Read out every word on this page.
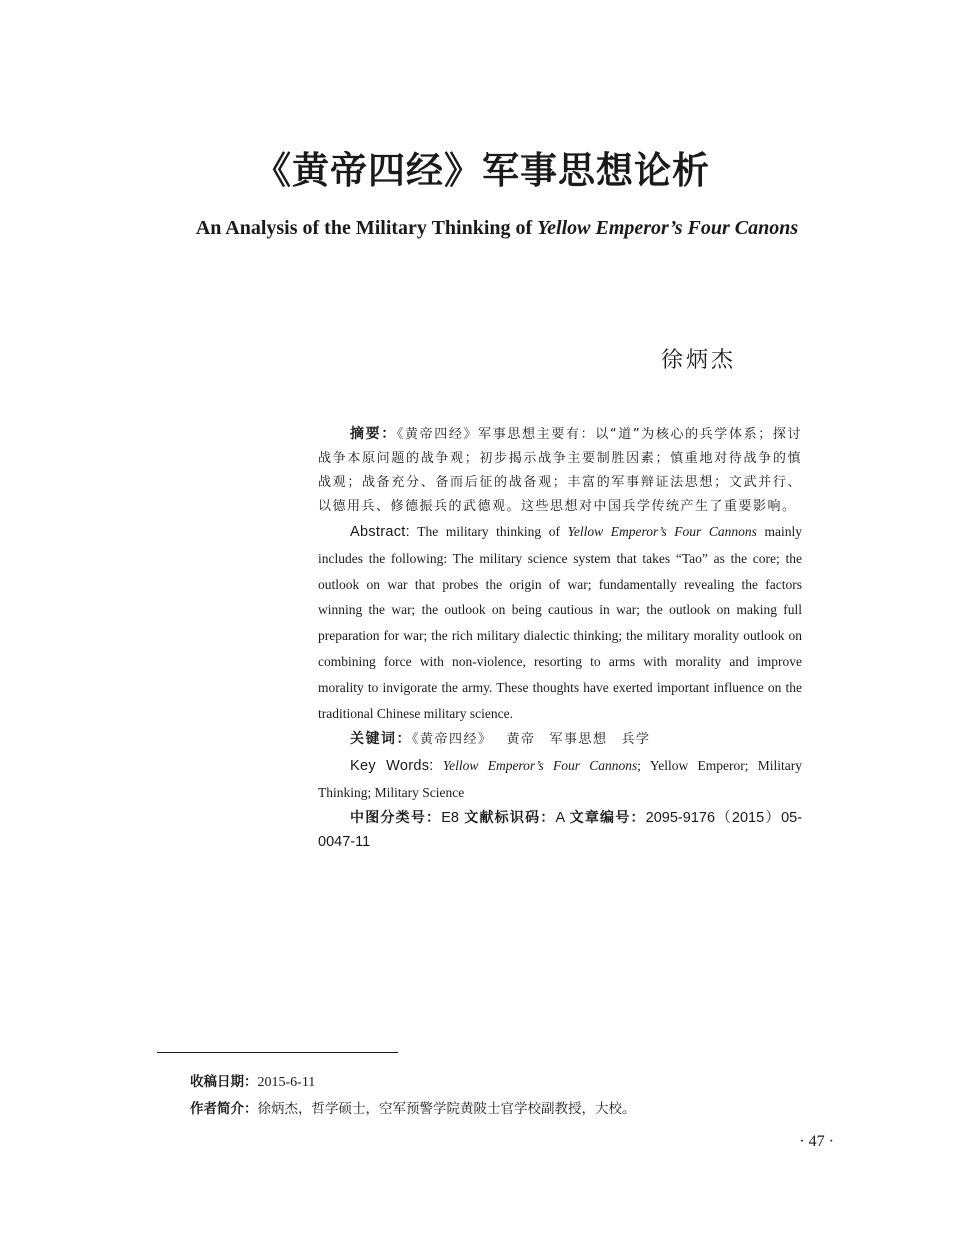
《黄帝四经》军事思想论析
An Analysis of the Military Thinking of Yellow Emperor’s Four Canons
徐炳杰

摘要：《黄帝四经》军事思想主要有：以“道”为核心的兵学体系；探讨战争本原问题的战争观；初步揭示战争主要制胜因素；慎重地对待战争的慎战观；战备充分、备而后征的战备观；丰富的军事辩证法思想；文武并行、以德用兵、修德振兵的武德观。这些思想对中国兵学传统产生了重要影响。

Abstract: The military thinking of Yellow Emperor’s Four Cannons mainly includes the following: The military science system that takes “Tao” as the core; the outlook on war that probes the origin of war; fundamentally revealing the factors winning the war; the outlook on being cautious in war; the outlook on making full preparation for war; the rich military dialectic thinking; the military morality outlook on combining force with non-violence, resorting to arms with morality and improve morality to invigorate the army. These thoughts have exerted important influence on the traditional Chinese military science.

关键词：《黄帝四经》 黄帝 军事思想 兵学

Key Words: Yellow Emperor’s Four Cannons; Yellow Emperor; Military Thinking; Military Science

中图分类号：E8 文献标识码：A 文章编号：2095-9176（2015）05-0047-11

收稿日期：2015-6-11
作者简介：徐炳杰，哲学硕士，空军预警学院黄陂士官学校副教授，大校。
· 47 ·
